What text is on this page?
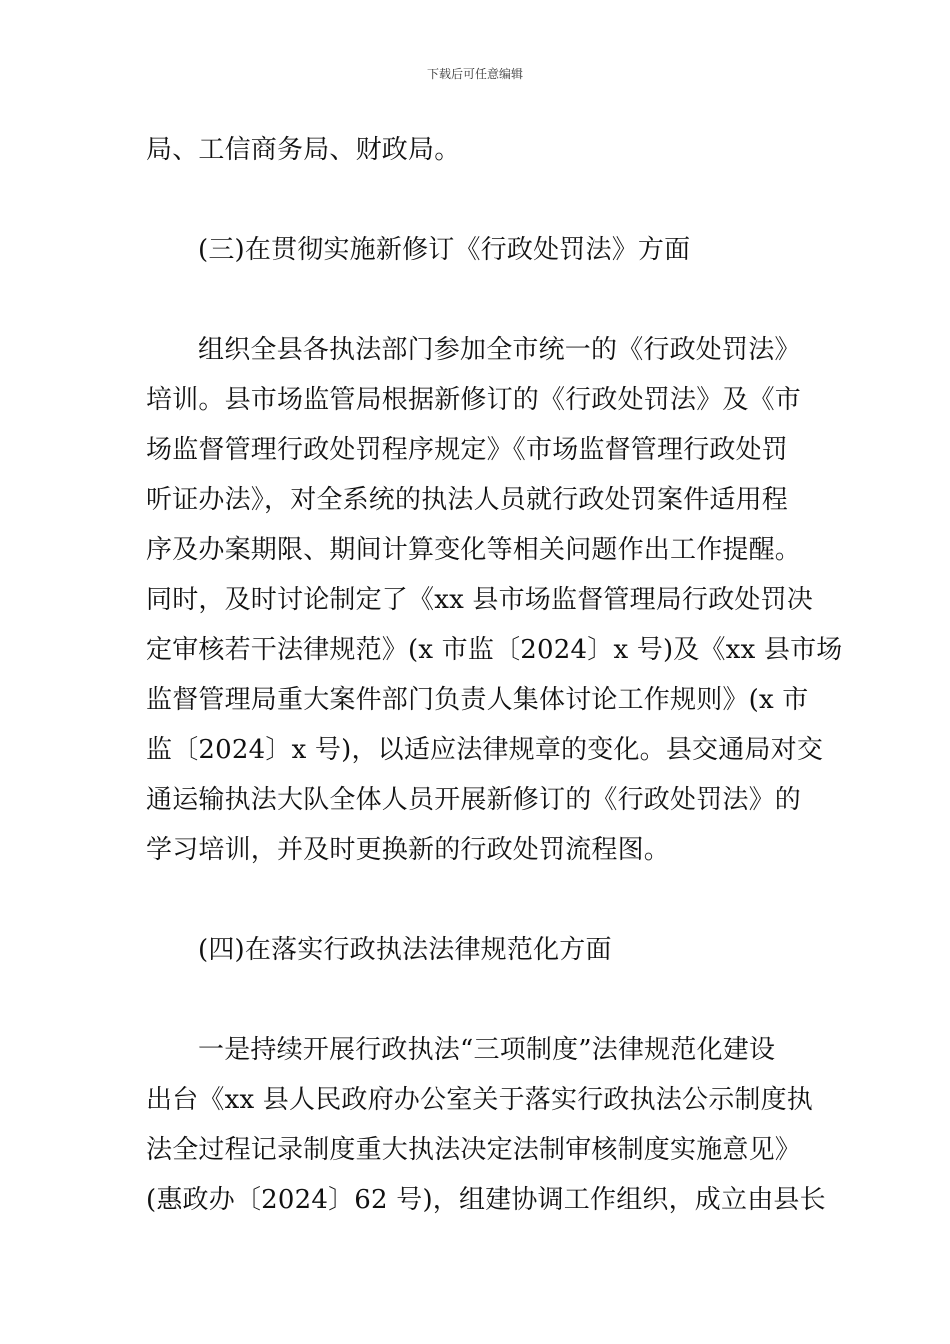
下载后可任意编辑
局、工信商务局、财政局。
(三)在贯彻实施新修订《行政处罚法》方面
组织全县各执法部门参加全市统一的《行政处罚法》
培训。县市场监管局根据新修订的《行政处罚法》及《市
场监督管理行政处罚程序规定》《市场监督管理行政处罚
听证办法》，对全系统的执法人员就行政处罚案件适用程
序及办案期限、期间计算变化等相关问题作出工作提醒。
同时，及时讨论制定了《xx 县市场监督管理局行政处罚决
定审核若干法律规范》(x 市监〔2024〕x 号)及《xx 县市场
监督管理局重大案件部门负责人集体讨论工作规则》(x 市
监〔2024〕x 号)，以适应法律规章的变化。县交通局对交
通运输执法大队全体人员开展新修订的《行政处罚法》的
学习培训，并及时更换新的行政处罚流程图。
(四)在落实行政执法法律规范化方面
一是持续开展行政执法“三项制度”法律规范化建设
出台《xx 县人民政府办公室关于落实行政执法公示制度执
法全过程记录制度重大执法决定法制审核制度实施意见》
(惠政办〔2024〕62 号)，组建协调工作组织，成立由县长
